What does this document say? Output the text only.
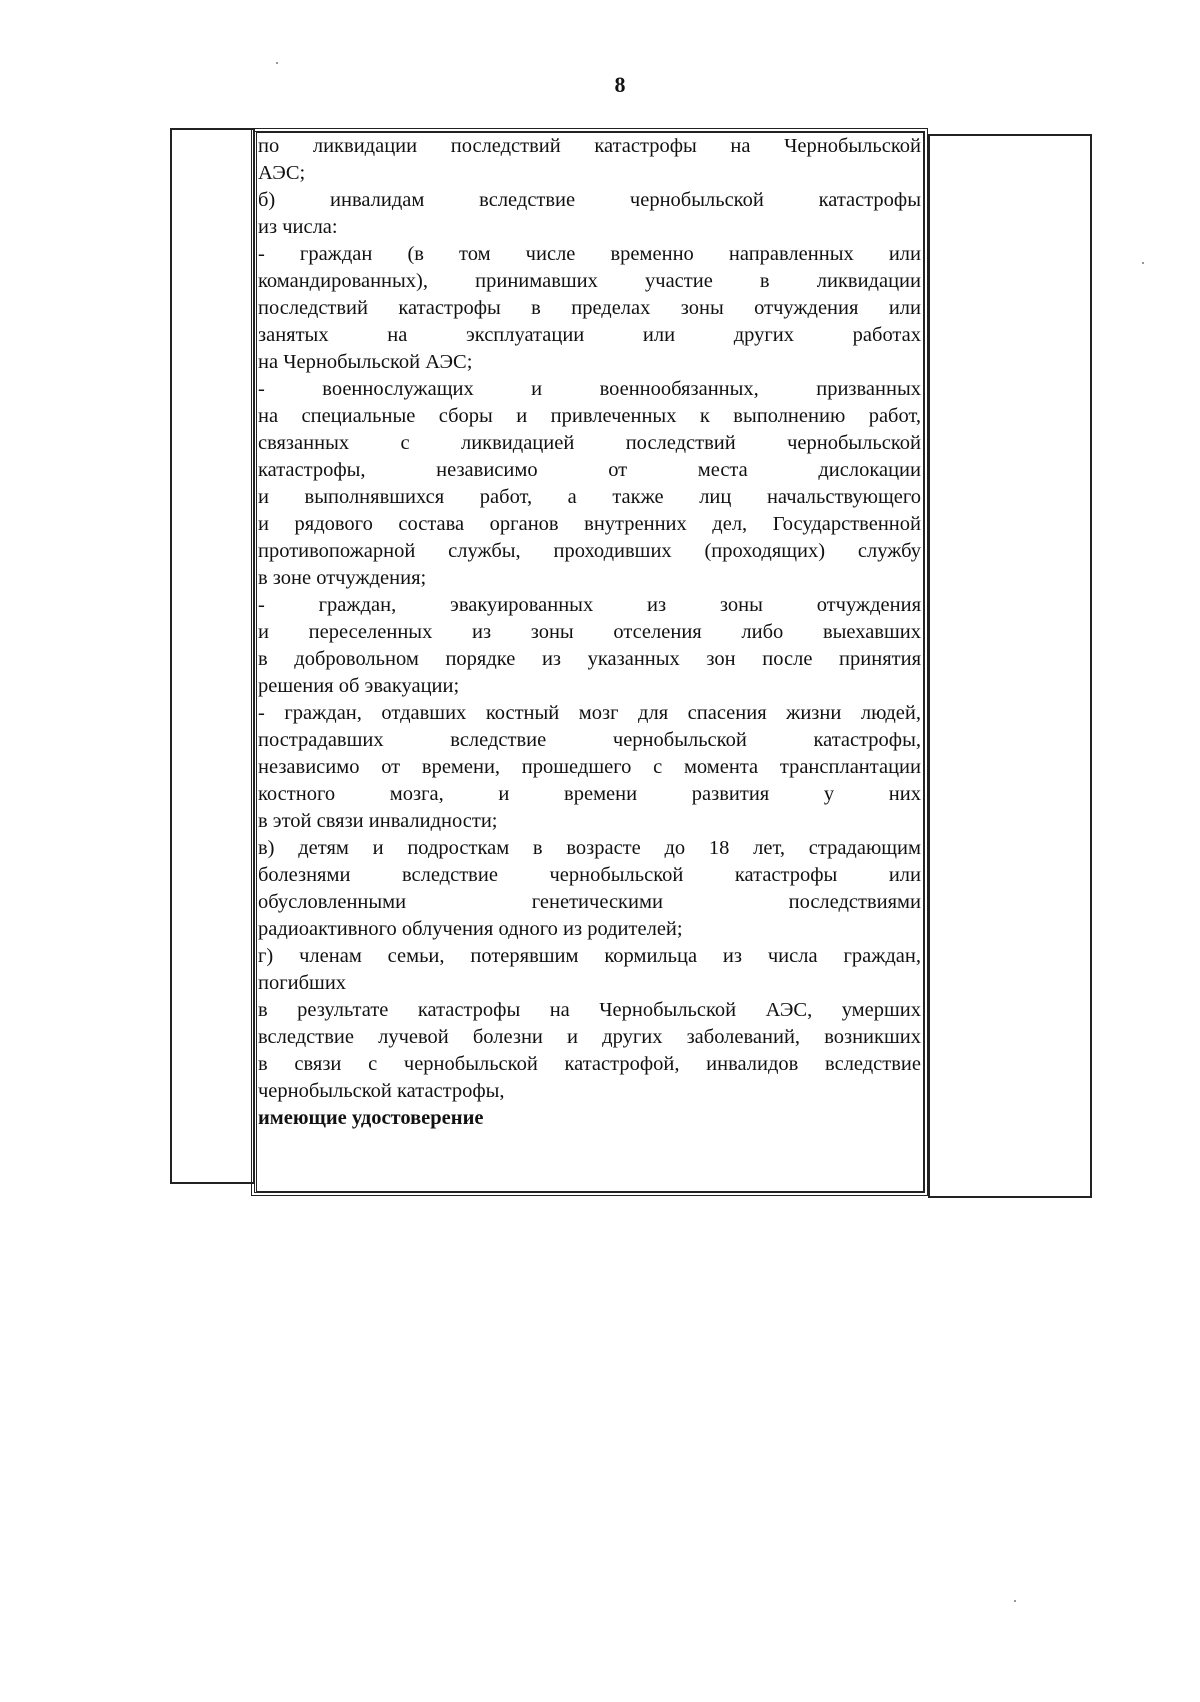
8
по ликвидации последствий катастрофы на Чернобыльской
АЭС;
б) инвалидам вследствие чернобыльской катастрофы
из числа:
- граждан (в том числе временно направленных или
командированных), принимавших участие в ликвидации
последствий катастрофы в пределах зоны отчуждения или
занятых на эксплуатации или других работах
на Чернобыльской АЭС;
- военнослужащих и военнообязанных, призванных
на специальные сборы и привлеченных к выполнению работ,
связанных с ликвидацией последствий чернобыльской
катастрофы, независимо от места дислокации
и выполнявшихся работ, а также лиц начальствующего
и рядового состава органов внутренних дел, Государственной
противопожарной службы, проходивших (проходящих) службу
в зоне отчуждения;
- граждан, эвакуированных из зоны отчуждения
и переселенных из зоны отселения либо выехавших
в добровольном порядке из указанных зон после принятия
решения об эвакуации;
- граждан, отдавших костный мозг для спасения жизни людей,
пострадавших вследствие чернобыльской катастрофы,
независимо от времени, прошедшего с момента трансплантации
костного мозга, и времени развития у них
в этой связи инвалидности;
в) детям и подросткам в возрасте до 18 лет, страдающим
болезнями вследствие чернобыльской катастрофы или
обусловленными генетическими последствиями
радиоактивного облучения одного из родителей;
г) членам семьи, потерявшим кормильца из числа граждан,
погибших
в результате катастрофы на Чернобыльской АЭС, умерших
вследствие лучевой болезни и других заболеваний, возникших
в связи с чернобыльской катастрофой, инвалидов вследствие
чернобыльской катастрофы,
имеющие удостоверение
